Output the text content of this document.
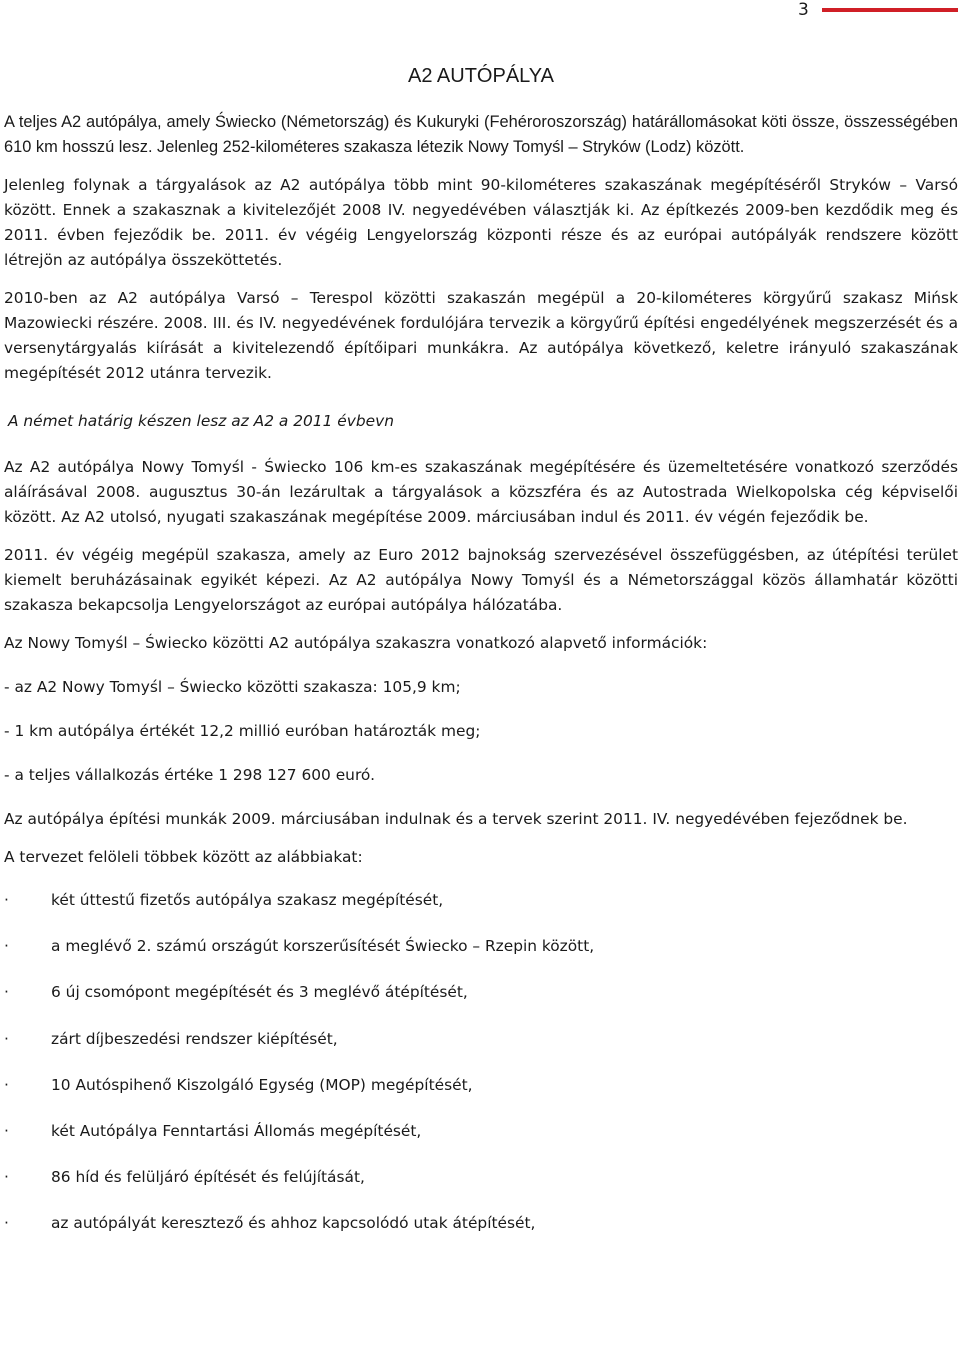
3
A2 AUTÓPÁLYA

A teljes A2 autópálya, amely Świecko (Németország) és Kukuryki (Fehéroroszország) határállomásokat köti össze, összességében 610 km hosszú lesz. Jelenleg 252-kilométeres szakasza létezik Nowy Tomyśl – Stryków (Lodz) között.

Jelenleg folynak a tárgyalások az A2 autópálya több mint 90-kilométeres szakaszának megépítéséről Stryków – Varsó között. Ennek a szakasznak a kivitelezőjét 2008 IV. negyedévében választják ki. Az építkezés 2009-ben kezdődik meg és 2011. évben fejeződik be. 2011. év végéig Lengyelország központi része és az európai autópályák rendszere között létrejön az autópálya összeköttetés.

2010-ben az A2 autópálya Varsó – Terespol közötti szakaszán megépül a 20-kilométeres körgyűrű szakasz Mińsk Mazowiecki részére. 2008. III. és IV. negyedévének fordulójára tervezik a körgyűrű építési engedélyének megszerzését és a versenytárgyalás kiírását a kivitelezendő építőipari munkákra. Az autópálya következő, keletre irányuló szakaszának megépítését 2012 utánra tervezik.

A német határig készen lesz az A2 a 2011 évbevn

Az A2 autópálya Nowy Tomyśl - Świecko 106 km-es szakaszának megépítésére és üzemeltetésére vonatkozó szerződés aláírásával 2008. augusztus 30-án lezárultak a tárgyalások a közszféra és az Autostrada Wielkopolska cég képviselői között. Az A2 utolsó, nyugati szakaszának megépítése 2009. márciusában indul és 2011. év végén fejeződik be.

2011. év végéig megépül szakasza, amely az Euro 2012 bajnokság szervezésével összefüggésben, az útépítési terület kiemelt beruházásainak egyikét képezi. Az A2 autópálya Nowy Tomyśl és a Németországgal közös államhatár közötti szakasza bekapcsolja Lengyelországot az európai autópálya hálózatába.

Az Nowy Tomyśl – Świecko közötti A2 autópálya szakaszra vonatkozó alapvető információk:

- az A2 Nowy Tomyśl – Świecko közötti szakasza: 105,9 km;

- 1 km autópálya értékét 12,2 millió euróban határozták meg;

- a teljes vállalkozás értéke 1 298 127 600 euró.

Az autópálya építési munkák 2009. márciusában indulnak és a tervek szerint 2011. IV. negyedévében fejeződnek be.

A tervezet felöleli többek között az alábbiakat:

·	két úttestű fizetős autópálya szakasz megépítését,
·	a meglévő 2. számú országút korszerűsítését Świecko – Rzepin között,
·	6 új csomópont megépítését és 3 meglévő átépítését,
·	zárt díjbeszedési rendszer kiépítését,
·	10 Autóspihenő Kiszolgáló Egység (MOP) megépítését,
·	két Autópálya Fenntartási Állomás megépítését,
·	86 híd és felüljáró építését és felújítását,
·	az autópályát keresztező és ahhoz kapcsolódó utak átépítését,
